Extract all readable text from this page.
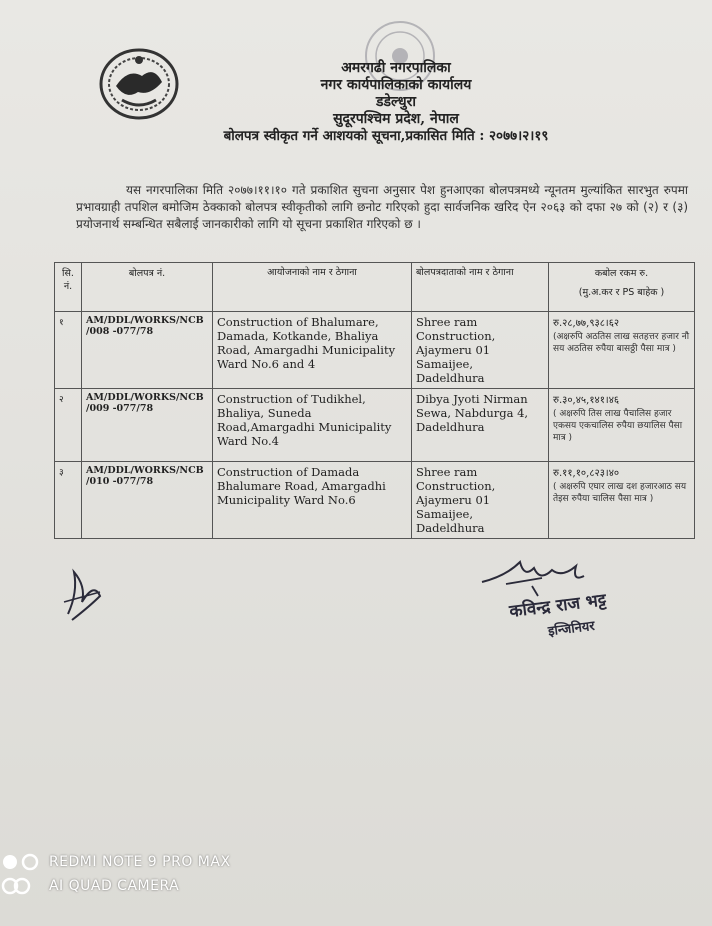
अमरगढी नगरपालिका
नगर कार्यपालिकाको कार्यालय
डडेल्धुरा
सुदूरपश्चिम प्रदेश, नेपाल
बोलपत्र स्वीकृत गर्ने आशयको सूचना,प्रकासित मिति : २०७७।२।१९
यस नगरपालिका मिति २०७७।११।१० गते प्रकाशित सुचना अनुसार पेश हुनआएका बोलपत्रमध्ये न्यूनतम मुल्यांकित सारभुत रुपमा प्रभावग्राही तपशिल बमोजिम ठेक्काको बोलपत्र स्वीकृतीको लागि छनोट गरिएको हुदा सार्वजनिक खरिद ऐन २०६३ को दफा २७ को (२) र (३) प्रयोजनार्थ सम्बन्धित सबैलाई जानकारीको लागि यो सूचना प्रकाशित गरिएको छ ।
सि. नं.	बोलपत्र नं.	आयोजनाको नाम र ठेगाना	बोलपत्रदाताको नाम र ठेगाना	कबोल रकम रु.
(मु.अ.कर र PS बाहेक )

१	AM/DDL/WORKS/NCB /008 -077/78	Construction of Bhalumare, Damada, Kotkande, Bhaliya Road, Amargadhi Municipality Ward No.6 and 4	Shree ram Construction, Ajaymeru 01 Samaijee, Dadeldhura	रु.२८,७७,९३८।६२
(अक्षरुपि अठतिस लाख सतहत्तर हजार नौ सय अठतिस रुपैया बासठ्ठी पैसा मात्र )

२	AM/DDL/WORKS/NCB /009 -077/78	Construction of Tudikhel, Bhaliya, Suneda Road,Amargadhi Municipality Ward No.4	Dibya Jyoti Nirman Sewa, Nabdurga 4, Dadeldhura	रु.३०,४५,१४१।४६
( अक्षरुपि तिस लाख पैचालिस हजार एकसय एकचालिस रुपैया छयालिस पैसा मात्र )

३	AM/DDL/WORKS/NCB /010 -077/78	Construction of Damada Bhalumare Road, Amargadhi Municipality Ward No.6	Shree ram Construction, Ajaymeru 01 Samaijee, Dadeldhura	रु.११,१०,८२३।४०
( अक्षरुपि एघार लाख दश हजारआठ सय तेइस रुपैया चालिस पैसा मात्र )
कविन्द्र राज भट्ट
इन्जिनियर
REDMI NOTE 9 PRO MAX
AI QUAD CAMERA
